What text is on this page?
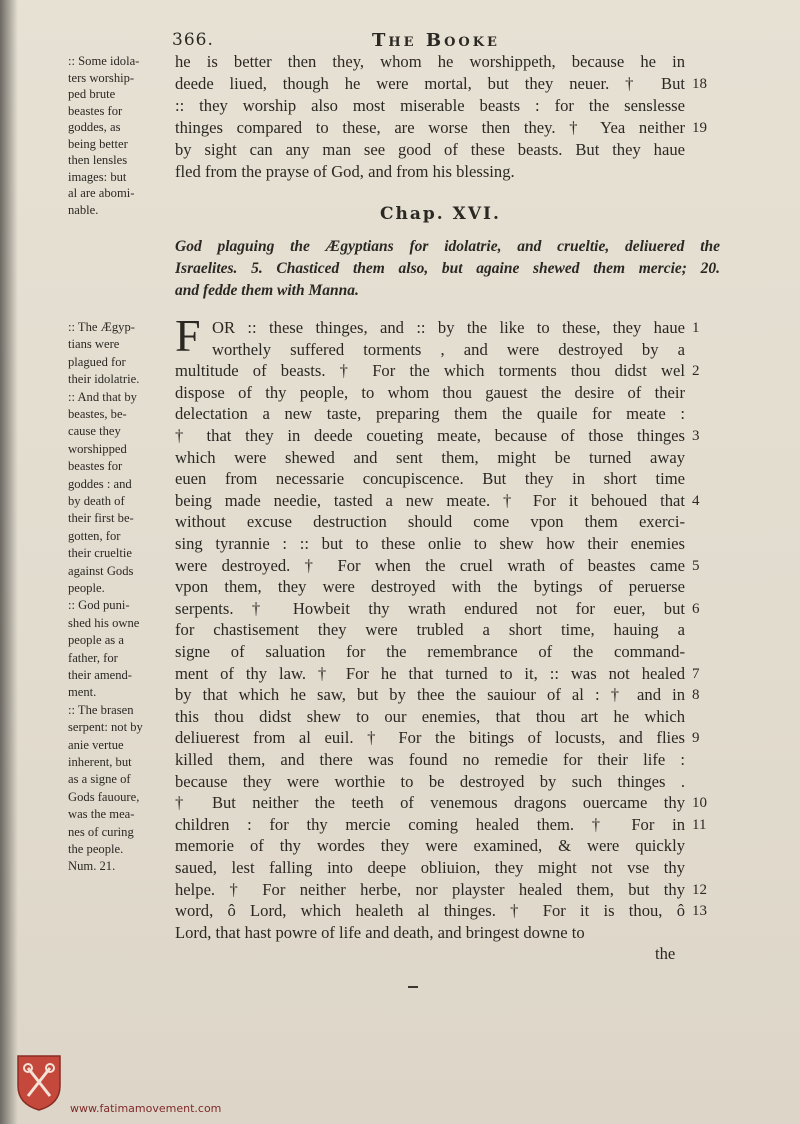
366.	The Booke
he is better then they, whom he worshippeth, because he in
deede liued, though he were mortal, but they neuer. † But 18
:: they worship also most miserable beasts : for the senslesse
thinges compared to these, are worse then they. † Yea neither 19
by sight can any man see good of these beasts. But they haue
fled from the prayse of God, and from his blessing.
:: Some idola-
ters worship-
ped brute
beastes for
goddes, as
being better
then lensles
images: but
al are abomi-
nable.	Chap. XVI.
God plaguing the Ægyptians for idolatrie, and crueltie, deliuered the
Israelites. 5. Chasticed them also, but againe shewed them mercie; 20.
and fedde them with Manna.
F OR :: these thinges, and :: by the like to these, they haue 1
worthely suffered torments , and were destroyed by a
multitude of beasts. † For the which torments thou didst wel 2
dispose of thy people, to whom thou gauest the desire of their
delectation a new taste, preparing them the quaile for meate :
† that they in deede coueting meate, because of those thinges 3
which were shewed and sent them, might be turned away
euen from necessarie concupiscence. But they in short time
being made needie, tasted a new meate. † For it behoued that 4
without excuse destruction should come vpon them exerci-
sing tyrannie : :: but to these onlie to shew how their enemies
were destroyed. † For when the cruel wrath of beastes came 5
vpon them, they were destroyed with the bytings of peruerse
serpents. † Howbeit thy wrath endured not for euer, but 6
for chastisement they were trubled a short time, hauing a
signe of saluation for the remembrance of the command-
ment of thy law. † For he that turned to it, :: was not healed 7
by that which he saw, but by thee the sauiour of al : † and in 8
this thou didst shew to our enemies, that thou art he which
deliuerest from al euil. † For the bitings of locusts, and flies 9
killed them, and there was found no remedie for their life :
because they were worthie to be destroyed by such thinges .
† But neither the teeth of venemous dragons ouercame thy 10
children : for thy mercie coming healed them. † For in 11
memorie of thy wordes they were examined, & were quickly
saued, lest falling into deepe obliuion, they might not vse thy
helpe. † For neither herbe, nor playster healed them, but thy 12
word, ô Lord, which healeth al thinges. † For it is thou, ô 13
Lord, that hast powre of life and death, and bringest downe to
:: The Ægyp-
tians were
plagued for
their idolatrie.
:: And that by
beastes, be-
cause they
worshipped
beastes for
goddes : and
by death of
their first be-
gotten, for
their crueltie
against Gods
people.
:: God puni-
shed his owne
people as a
father, for
their amend-
ment.
:: The brasen
serpent: not by
anie vertue
inherent, but
as a signe of
Gods fauoure,
was the mea-
nes of curing
the people.
Num. 21.
the
www.fatimamovement.com
